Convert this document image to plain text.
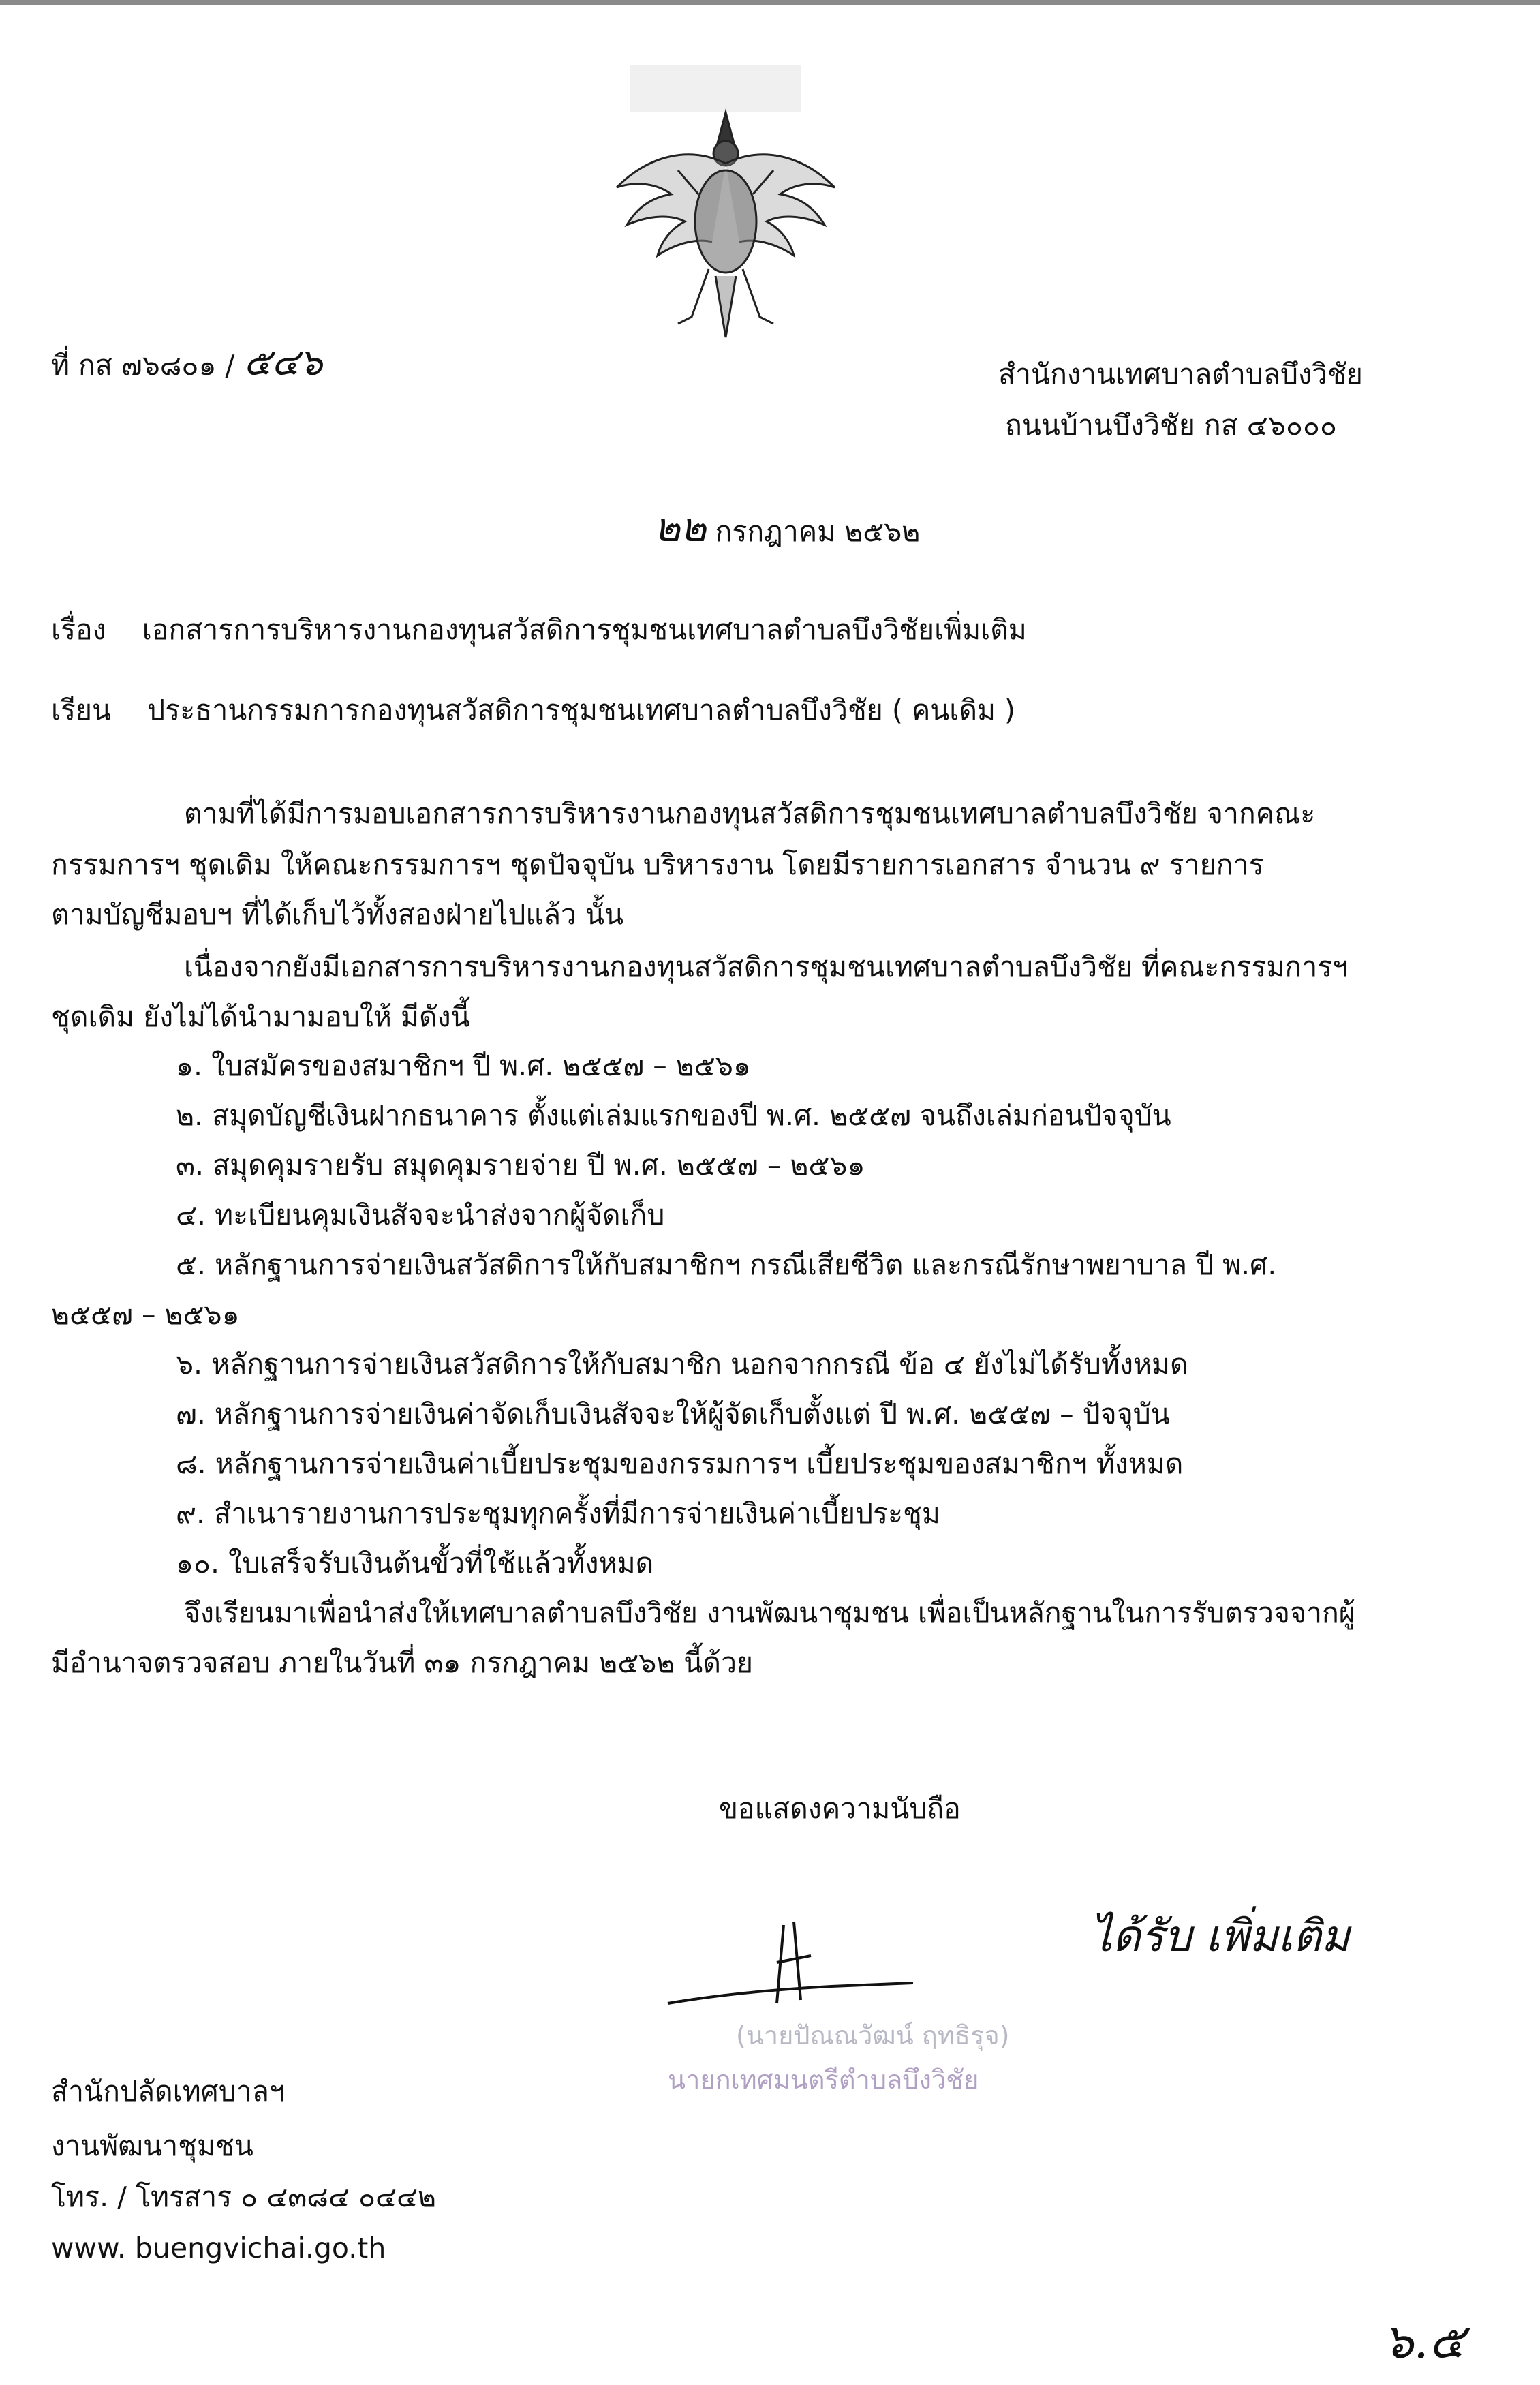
ที่ กส ๗๖๘๐๑ / ๕๔๖	สำนักงานเทศบาลตำบลบึงวิชัย
ถนนบ้านบึงวิชัย กส ๔๖๐๐๐
๒๒ กรกฎาคม ๒๕๖๒
เรื่อง เอกสารการบริหารงานกองทุนสวัสดิการชุมชนเทศบาลตำบลบึงวิชัยเพิ่มเติม
เรียน ประธานกรรมการกองทุนสวัสดิการชุมชนเทศบาลตำบลบึงวิชัย ( คนเดิม )
ตามที่ได้มีการมอบเอกสารการบริหารงานกองทุนสวัสดิการชุมชนเทศบาลตำบลบึงวิชัย จากคณะ
กรรมการฯ ชุดเดิม ให้คณะกรรมการฯ ชุดปัจจุบัน บริหารงาน โดยมีรายการเอกสาร จำนวน ๙ รายการ
ตามบัญชีมอบฯ ที่ได้เก็บไว้ทั้งสองฝ่ายไปแล้ว นั้น
เนื่องจากยังมีเอกสารการบริหารงานกองทุนสวัสดิการชุมชนเทศบาลตำบลบึงวิชัย ที่คณะกรรมการฯ
ชุดเดิม ยังไม่ได้นำมามอบให้ มีดังนี้
๑. ใบสมัครของสมาชิกฯ ปี พ.ศ. ๒๕๕๗ – ๒๕๖๑
๒. สมุดบัญชีเงินฝากธนาคาร ตั้งแต่เล่มแรกของปี พ.ศ. ๒๕๕๗ จนถึงเล่มก่อนปัจจุบัน
๓. สมุดคุมรายรับ สมุดคุมรายจ่าย ปี พ.ศ. ๒๕๕๗ – ๒๕๖๑
๔. ทะเบียนคุมเงินสัจจะนำส่งจากผู้จัดเก็บ
๕. หลักฐานการจ่ายเงินสวัสดิการให้กับสมาชิกฯ กรณีเสียชีวิต และกรณีรักษาพยาบาล ปี พ.ศ.
๒๕๕๗ – ๒๕๖๑
๖. หลักฐานการจ่ายเงินสวัสดิการให้กับสมาชิก นอกจากกรณี ข้อ ๔ ยังไม่ได้รับทั้งหมด
๗. หลักฐานการจ่ายเงินค่าจัดเก็บเงินสัจจะให้ผู้จัดเก็บตั้งแต่ ปี พ.ศ. ๒๕๕๗ – ปัจจุบัน
๘. หลักฐานการจ่ายเงินค่าเบี้ยประชุมของกรรมการฯ เบี้ยประชุมของสมาชิกฯ ทั้งหมด
๙. สำเนารายงานการประชุมทุกครั้งที่มีการจ่ายเงินค่าเบี้ยประชุม
๑๐. ใบเสร็จรับเงินต้นขั้วที่ใช้แล้วทั้งหมด
จึงเรียนมาเพื่อนำส่งให้เทศบาลตำบลบึงวิชัย งานพัฒนาชุมชน เพื่อเป็นหลักฐานในการรับตรวจจากผู้
มีอำนาจตรวจสอบ ภายในวันที่ ๓๑ กรกฎาคม ๒๕๖๒ นี้ด้วย
ขอแสดงความนับถือ
ได้รับ เพิ่มเติม
(นายปัณณวัฒน์ ฤทธิรุจ)
นายกเทศมนตรีตำบลบึงวิชัย
สำนักปลัดเทศบาลฯ
งานพัฒนาชุมชน
โทร. / โทรสาร ๐ ๔๓๘๔ ๐๔๔๒
www. buengvichai.go.th
๖.๕
